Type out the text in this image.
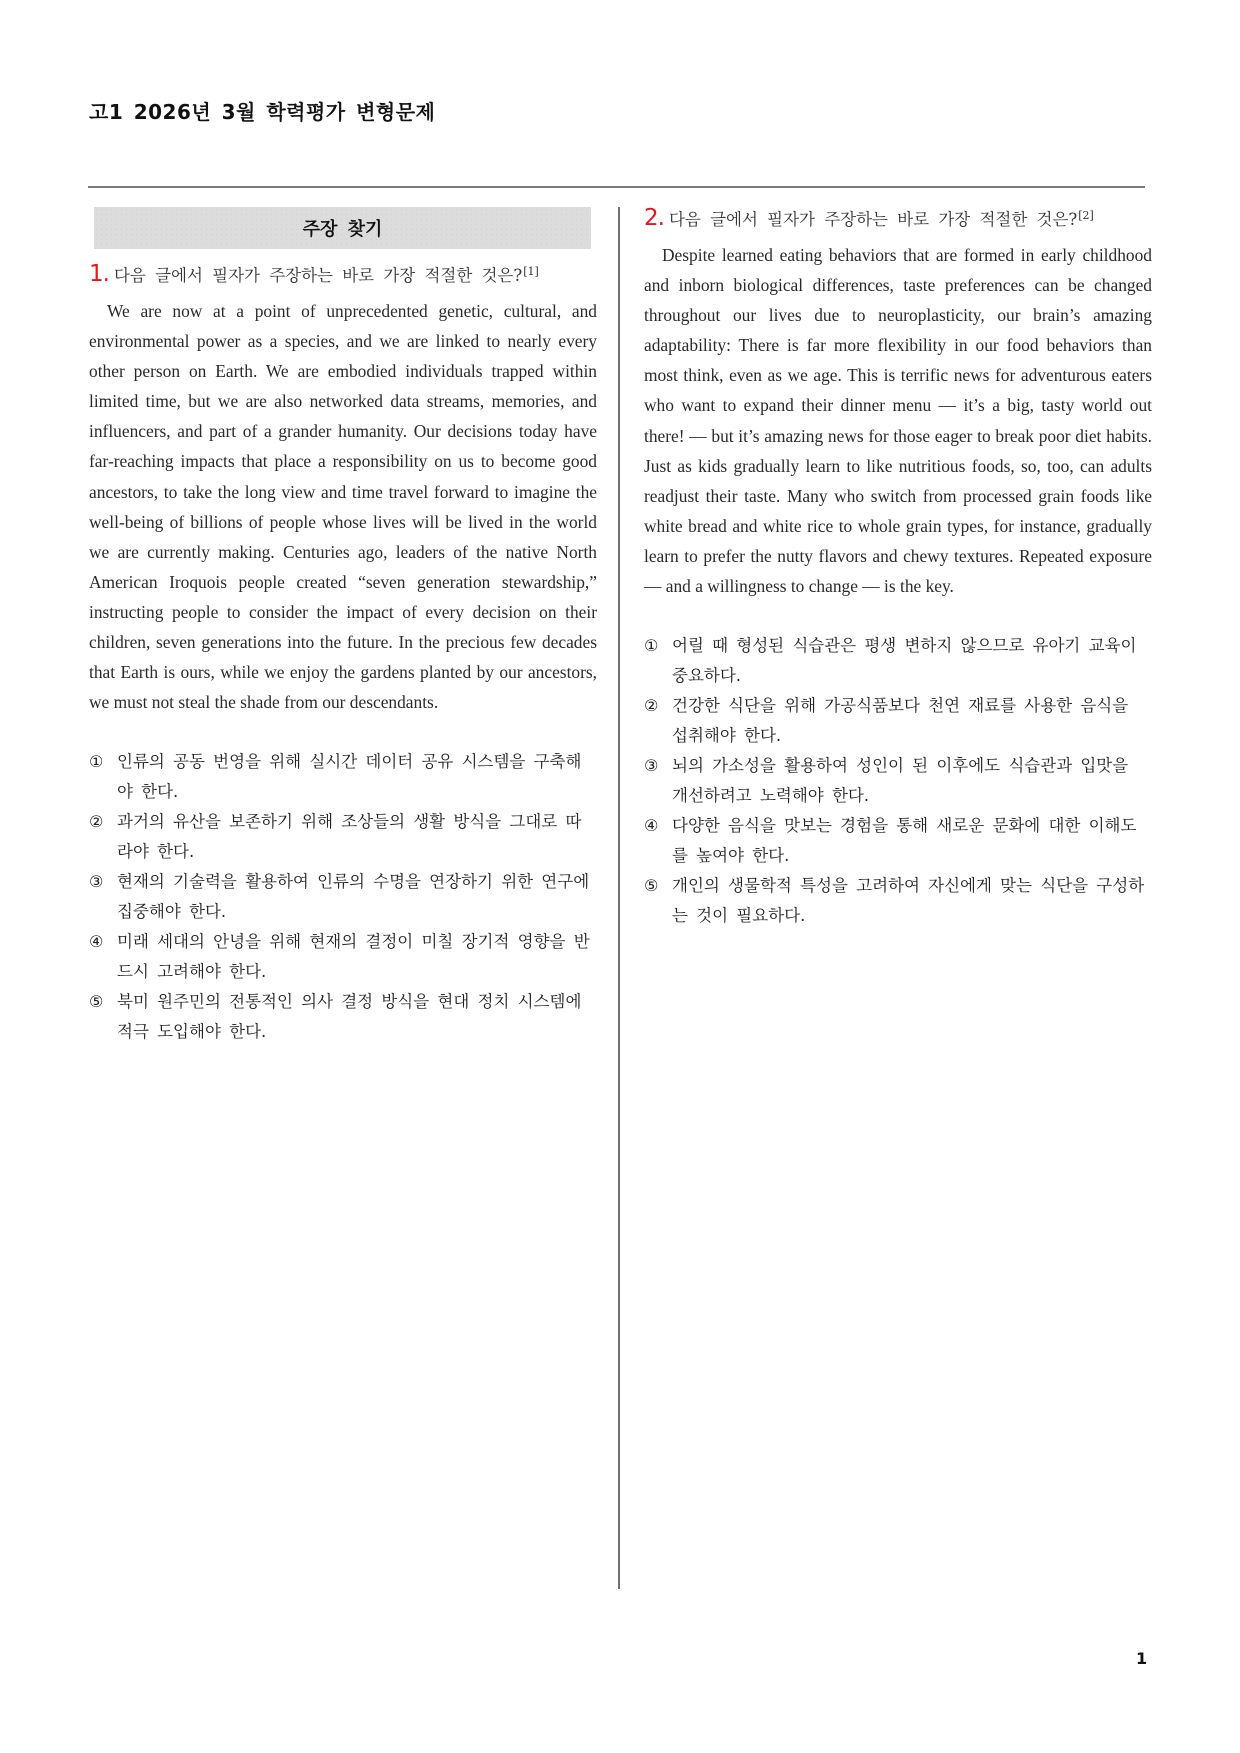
고1 2026년 3월 학력평가 변형문제
주장 찾기
1. 다음 글에서 필자가 주장하는 바로 가장 적절한 것은?[1]

We are now at a point of unprecedented genetic, cultural, and environmental power as a species, and we are linked to nearly every other person on Earth. We are embodied individuals trapped within limited time, but we are also networked data streams, memories, and influencers, and part of a grander humanity. Our decisions today have far-reaching impacts that place a responsibility on us to become good ancestors, to take the long view and time travel forward to imagine the well-being of billions of people whose lives will be lived in the world we are currently making. Centuries ago, leaders of the native North American Iroquois people created “seven generation stewardship,” instructing people to consider the impact of every decision on their children, seven generations into the future. In the precious few decades that Earth is ours, while we enjoy the gardens planted by our ancestors, we must not steal the shade from our descendants.

① 인류의 공동 번영을 위해 실시간 데이터 공유 시스템을 구축해야 한다.
② 과거의 유산을 보존하기 위해 조상들의 생활 방식을 그대로 따라야 한다.
③ 현재의 기술력을 활용하여 인류의 수명을 연장하기 위한 연구에 집중해야 한다.
④ 미래 세대의 안녕을 위해 현재의 결정이 미칠 장기적 영향을 반드시 고려해야 한다.
⑤ 북미 원주민의 전통적인 의사 결정 방식을 현대 정치 시스템에 적극 도입해야 한다.
2. 다음 글에서 필자가 주장하는 바로 가장 적절한 것은?[2]

Despite learned eating behaviors that are formed in early childhood and inborn biological differences, taste preferences can be changed throughout our lives due to neuroplasticity, our brain’s amazing adaptability: There is far more flexibility in our food behaviors than most think, even as we age. This is terrific news for adventurous eaters who want to expand their dinner menu — it’s a big, tasty world out there! — but it’s amazing news for those eager to break poor diet habits. Just as kids gradually learn to like nutritious foods, so, too, can adults readjust their taste. Many who switch from processed grain foods like white bread and white rice to whole grain types, for instance, gradually learn to prefer the nutty flavors and chewy textures. Repeated exposure — and a willingness to change — is the key.

① 어릴 때 형성된 식습관은 평생 변하지 않으므로 유아기 교육이 중요하다.
② 건강한 식단을 위해 가공식품보다 천연 재료를 사용한 음식을 섭취해야 한다.
③ 뇌의 가소성을 활용하여 성인이 된 이후에도 식습관과 입맛을 개선하려고 노력해야 한다.
④ 다양한 음식을 맛보는 경험을 통해 새로운 문화에 대한 이해도를 높여야 한다.
⑤ 개인의 생물학적 특성을 고려하여 자신에게 맞는 식단을 구성하는 것이 필요하다.
1
